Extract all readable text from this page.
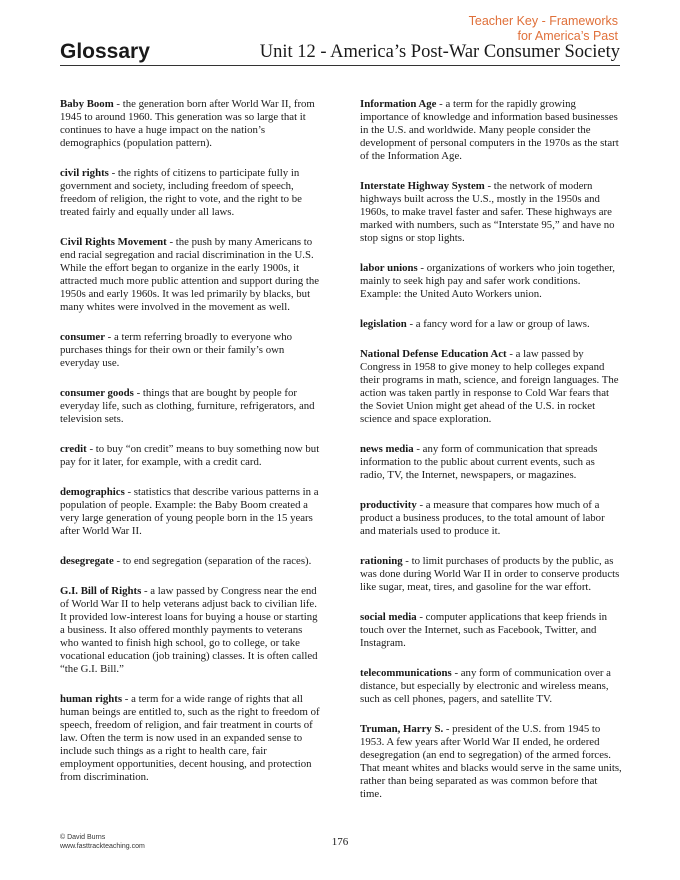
Teacher Key - Frameworks
for America’s Past
Glossary	Unit 12 - America’s Post-War Consumer Society

Baby Boom - the generation born after World War II, from 1945 to around 1960. This generation was so large that it continues to have a huge impact on the nation’s demographics (population pattern).

civil rights - the rights of citizens to participate fully in government and society, including freedom of speech, freedom of religion, the right to vote, and the right to be treated fairly and equally under all laws.

Civil Rights Movement - the push by many Americans to end racial segregation and racial discrimination in the U.S. While the effort began to organize in the early 1900s, it attracted much more public attention and support during the 1950s and early 1960s. It was led primarily by blacks, but many whites were involved in the movement as well.

consumer - a term referring broadly to everyone who purchases things for their own or their family’s own everyday use.

consumer goods - things that are bought by people for everyday life, such as clothing, furniture, refrigerators, and television sets.

credit - to buy “on credit” means to buy something now but pay for it later, for example, with a credit card.

demographics - statistics that describe various patterns in a population of people. Example: the Baby Boom created a very large generation of young people born in the 15 years after World War II.

desegregate - to end segregation (separation of the races).

G.I. Bill of Rights - a law passed by Congress near the end of World War II to help veterans adjust back to civilian life. It provided low-interest loans for buying a house or starting a business. It also offered monthly payments to veterans who wanted to finish high school, go to college, or take vocational education (job training) classes. It is often called “the G.I. Bill.”

human rights - a term for a wide range of rights that all human beings are entitled to, such as the right to freedom of speech, freedom of religion, and fair treatment in courts of law. Often the term is now used in an expanded sense to include such things as a right to health care, fair employment opportunities, decent housing, and protection from discrimination.

Information Age - a term for the rapidly growing importance of knowledge and information based businesses in the U.S. and worldwide. Many people consider the development of personal computers in the 1970s as the start of the Information Age.

Interstate Highway System - the network of modern highways built across the U.S., mostly in the 1950s and 1960s, to make travel faster and safer. These highways are marked with numbers, such as “Interstate 95,” and have no stop signs or stop lights.

labor unions - organizations of workers who join together, mainly to seek high pay and safer work conditions. Example: the United Auto Workers union.

legislation - a fancy word for a law or group of laws.

National Defense Education Act - a law passed by Congress in 1958 to give money to help colleges expand their programs in math, science, and foreign languages. The action was taken partly in response to Cold War fears that the Soviet Union might get ahead of the U.S. in rocket science and space exploration.

news media - any form of communication that spreads information to the public about current events, such as radio, TV, the Internet, newspapers, or magazines.

productivity - a measure that compares how much of a product a business produces, to the total amount of labor and materials used to produce it.

rationing - to limit purchases of products by the public, as was done during World War II in order to conserve products like sugar, meat, tires, and gasoline for the war effort.

social media - computer applications that keep friends in touch over the Internet, such as Facebook, Twitter, and Instagram.

telecommunications - any form of communication over a distance, but especially by electronic and wireless means, such as cell phones, pagers, and satellite TV.

Truman, Harry S. - president of the U.S. from 1945 to 1953. A few years after World War II ended, he ordered desegregation (an end to segregation) of the armed forces. That meant whites and blacks would serve in the same units, rather than being separated as was common before that time.

© David Burns
www.fasttrackteaching.com	176
